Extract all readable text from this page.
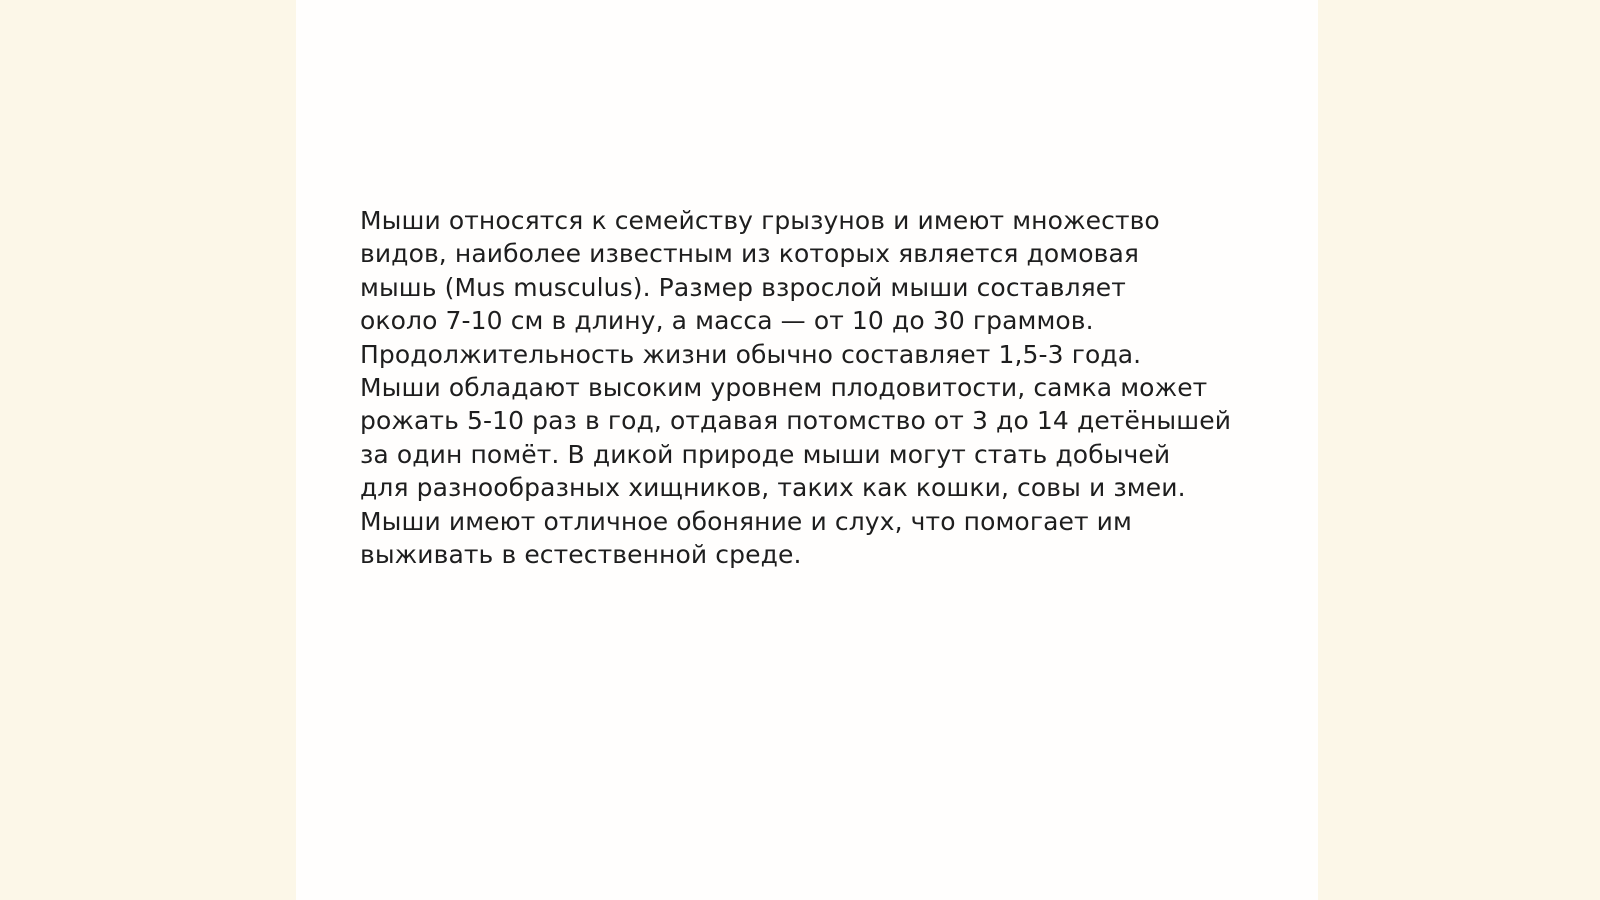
Мыши относятся к семейству грызунов и имеют множество
видов, наиболее известным из которых является домовая
мышь (Mus musculus). Размер взрослой мыши составляет
около 7-10 см в длину, а масса — от 10 до 30 граммов.
Продолжительность жизни обычно составляет 1,5-3 года.
Мыши обладают высоким уровнем плодовитости, самка может
рожать 5-10 раз в год, отдавая потомство от 3 до 14 детёнышей
за один помёт. В дикой природе мыши могут стать добычей
для разнообразных хищников, таких как кошки, совы и змеи.
Мыши имеют отличное обоняние и слух, что помогает им
выживать в естественной среде.
